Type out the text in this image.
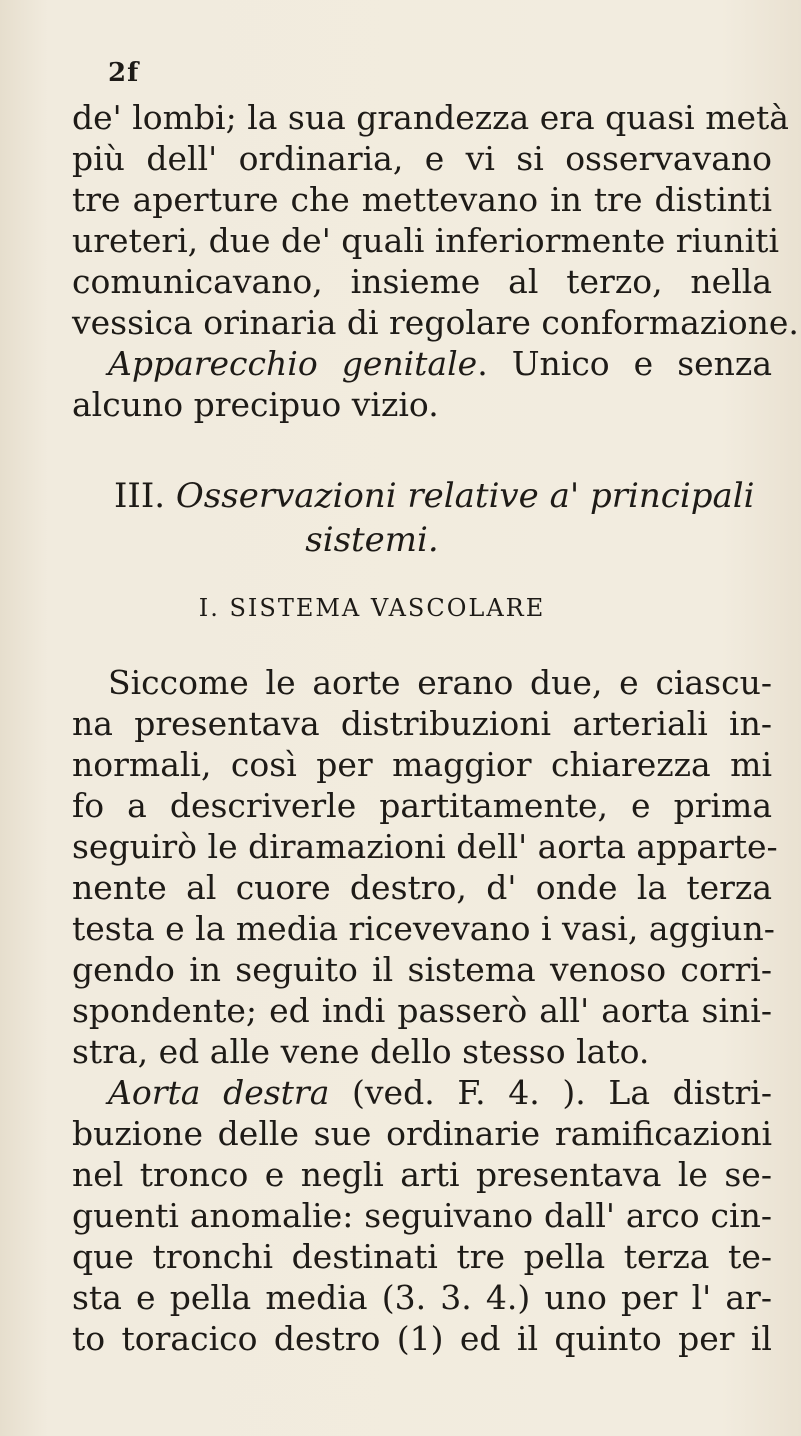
2f
de' lombi; la sua grandezza era quasi metà
più dell' ordinaria, e vi si osservavano
tre aperture che mettevano in tre distinti
ureteri, due de' quali inferiormente riuniti
comunicavano, insieme al terzo, nella
vessica orinaria di regolare conformazione.
Apparecchio genitale. Unico e senza
alcuno precipuo vizio.
III. Osservazioni relative a' principali
sistemi.
I. SISTEMA VASCOLARE
Siccome le aorte erano due, e ciascu-
na presentava distribuzioni arteriali in-
normali, così per maggior chiarezza mi
fo a descriverle partitamente, e prima
seguirò le diramazioni dell' aorta apparte-
nente al cuore destro, d' onde la terza
testa e la media ricevevano i vasi, aggiun-
gendo in seguito il sistema venoso corri-
spondente; ed indi passerò all' aorta sini-
stra, ed alle vene dello stesso lato.
Aorta destra (ved. F. 4. ). La distri-
buzione delle sue ordinarie ramificazioni
nel tronco e negli arti presentava le se-
guenti anomalie: seguivano dall' arco cin-
que tronchi destinati tre pella terza te-
sta e pella media (3. 3. 4.) uno per l' ar-
to toracico destro (1) ed il quinto per il
